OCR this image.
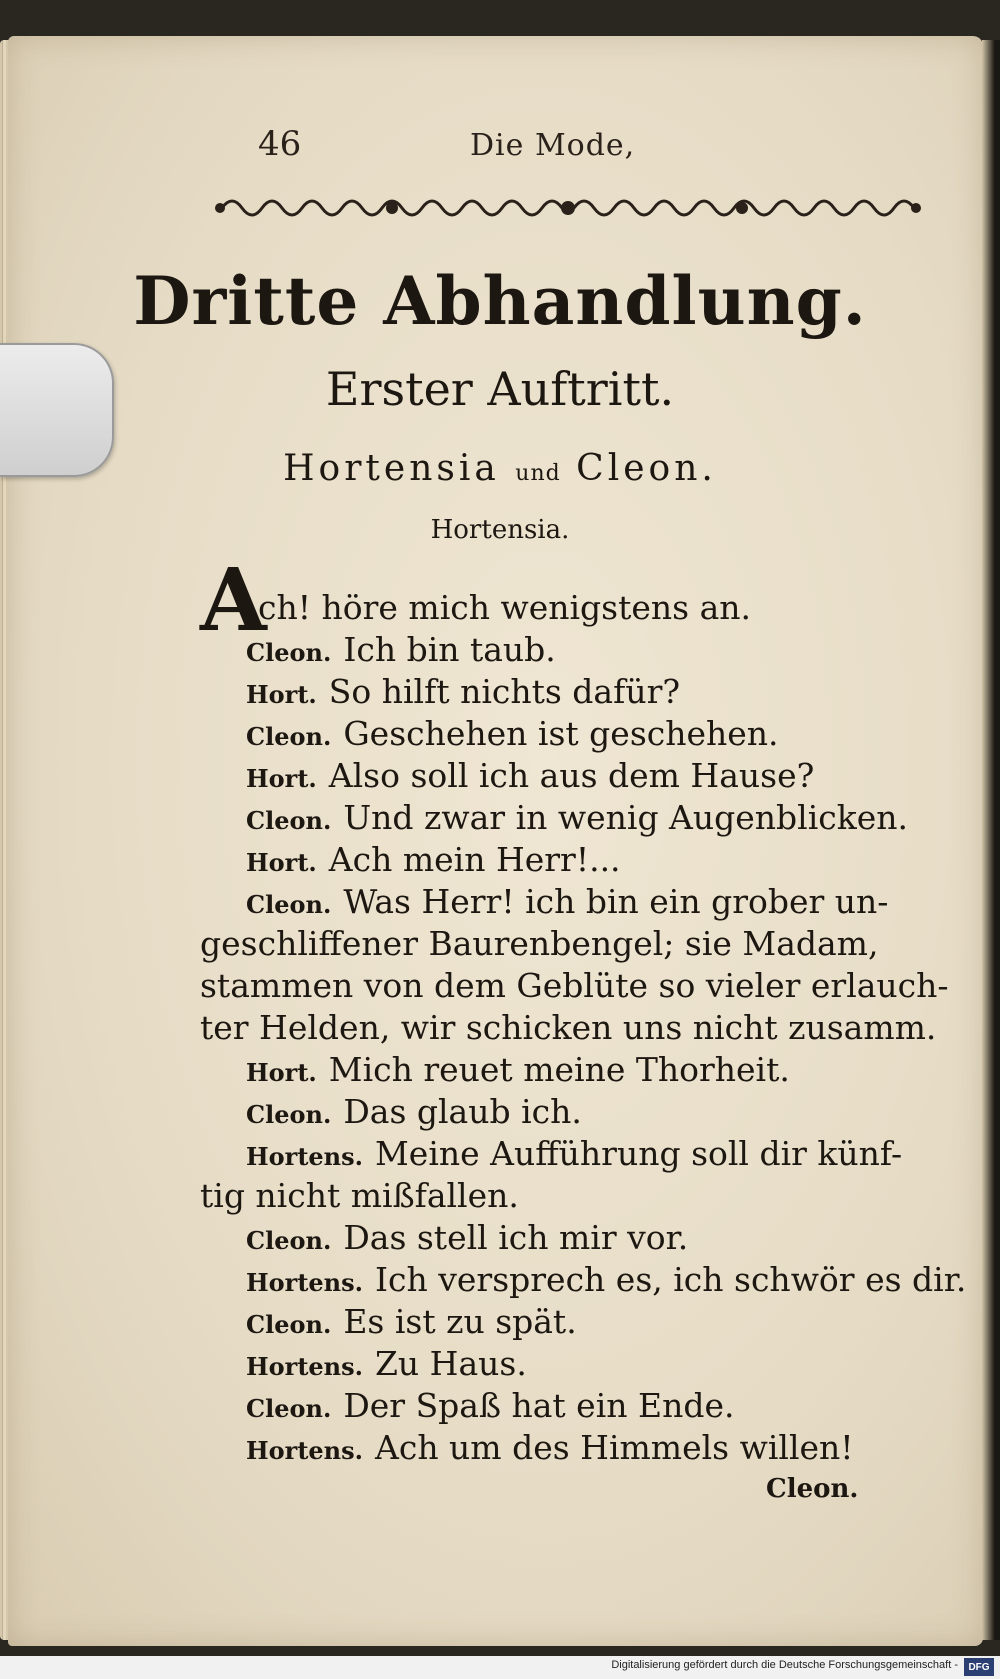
46	Die Mode,
Dritte Abhandlung.
Erster Auftritt.
Hortensia und Cleon.
Hortensia.
A
ch! höre mich wenigstens an.
Cleon. Ich bin taub.
Hort. So hilft nichts dafür?
Cleon. Geschehen ist geschehen.
Hort. Also soll ich aus dem Hause?
Cleon. Und zwar in wenig Augenblicken.
Hort. Ach mein Herr!...
Cleon. Was Herr! ich bin ein grober un-
geschliffener Baurenbengel; sie Madam,
stammen von dem Geblüte so vieler erlauch-
ter Helden, wir schicken uns nicht zusamm.
Hort. Mich reuet meine Thorheit.
Cleon. Das glaub ich.
Hortens. Meine Aufführung soll dir künf-
tig nicht mißfallen.
Cleon. Das stell ich mir vor.
Hortens. Ich versprech es, ich schwör es dir.
Cleon. Es ist zu spät.
Hortens. Zu Haus.
Cleon. Der Spaß hat ein Ende.
Hortens. Ach um des Himmels willen!
Cleon.
Digitalisierung gefördert durch die Deutsche Forschungsgemeinschaft -	DFG
